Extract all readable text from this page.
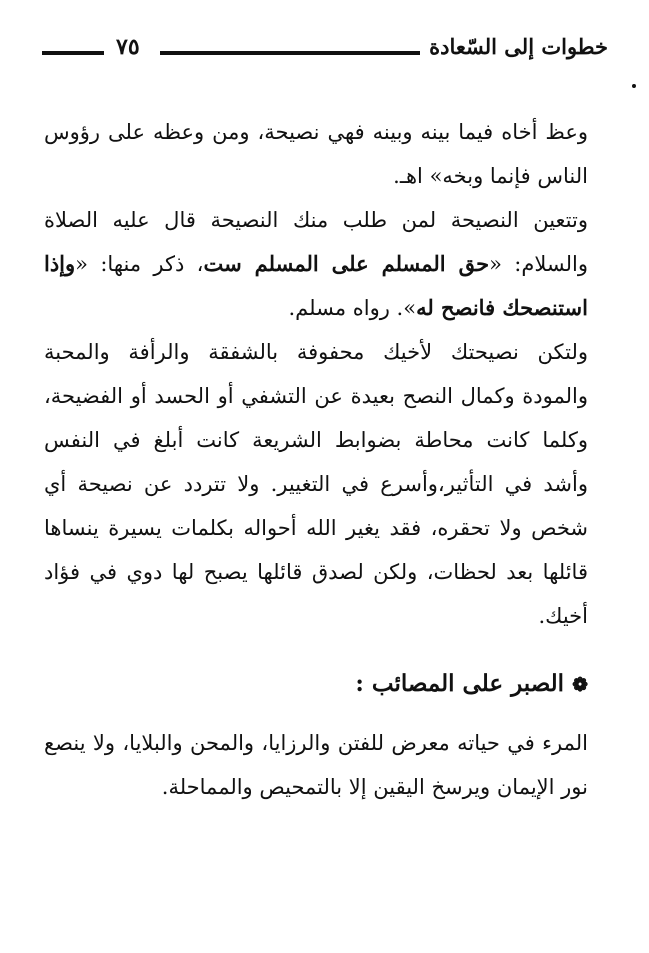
٧٥	خطوات إلى السّعادة

وعظ أخاه فيما بينه وبينه فهي نصيحة، ومن وعظه على رؤوس الناس فإنما وبخه» اهـ.

وتتعين النصيحة لمن طلب منك النصيحة قال عليه الصلاة والسلام: «حق المسلم على المسلم ست، ذكر منها: «وإذا استنصحك فانصح له». رواه مسلم.

ولتكن نصيحتك لأخيك محفوفة بالشفقة والرأفة والمحبة والمودة وكمال النصح بعيدة عن التشفي أو الحسد أو الفضيحة، وكلما كانت محاطة بضوابط الشريعة كانت أبلغ في النفس وأشد في التأثير،وأسرع في التغيير. ولا تتردد عن نصيحة أي شخص ولا تحقره، فقد يغير الله أحواله بكلمات يسيرة ينساها قائلها بعد لحظات، ولكن لصدق قائلها يصبح لها دوي في فؤاد أخيك.

❁ الصبر على المصائب :

المرء في حياته معرض للفتن والرزايا، والمحن والبلايا، ولا ينصع نور الإيمان ويرسخ اليقين إلا بالتمحيص والمماحلة.
